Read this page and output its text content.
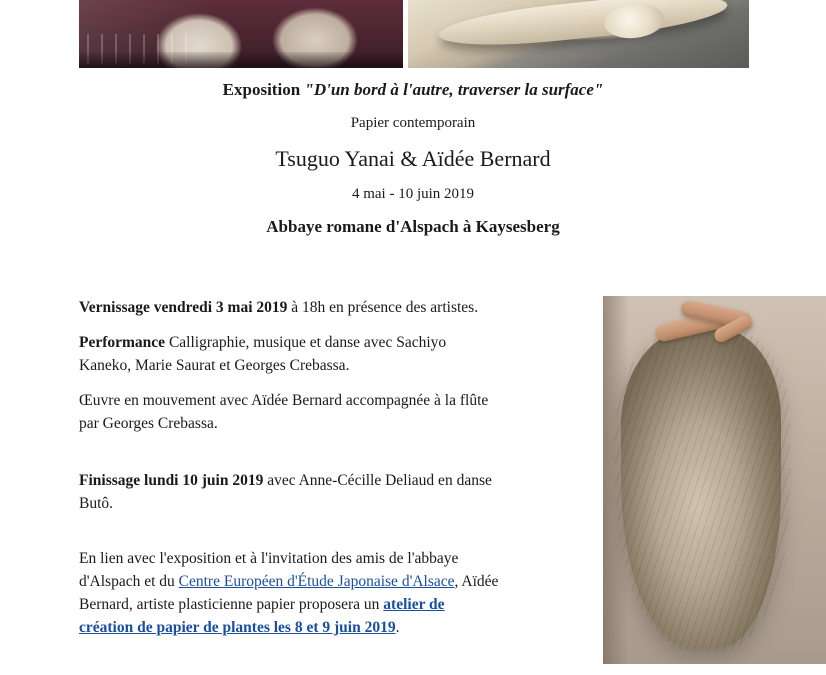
Exposition "D'un bord à l'autre, traverser la surface"
Papier contemporain
Tsuguo Yanai & Aïdée Bernard
4 mai - 10 juin 2019
Abbaye romane d'Alspach à Kaysesberg

Vernissage vendredi 3 mai 2019 à 18h en présence des artistes.

Performance Calligraphie, musique et danse avec Sachiyo Kaneko, Marie Saurat et Georges Crebassa.

Œuvre en mouvement avec Aïdée Bernard accompagnée à la flûte par Georges Crebassa.

Finissage lundi 10 juin 2019 avec Anne-Cécille Deliaud en danse Butô.

En lien avec l'exposition et à l'invitation des amis de l'abbaye d'Alspach et du Centre Européen d'Étude Japonaise d'Alsace, Aïdée Bernard, artiste plasticienne papier proposera un atelier de création de papier de plantes les 8 et 9 juin 2019.
